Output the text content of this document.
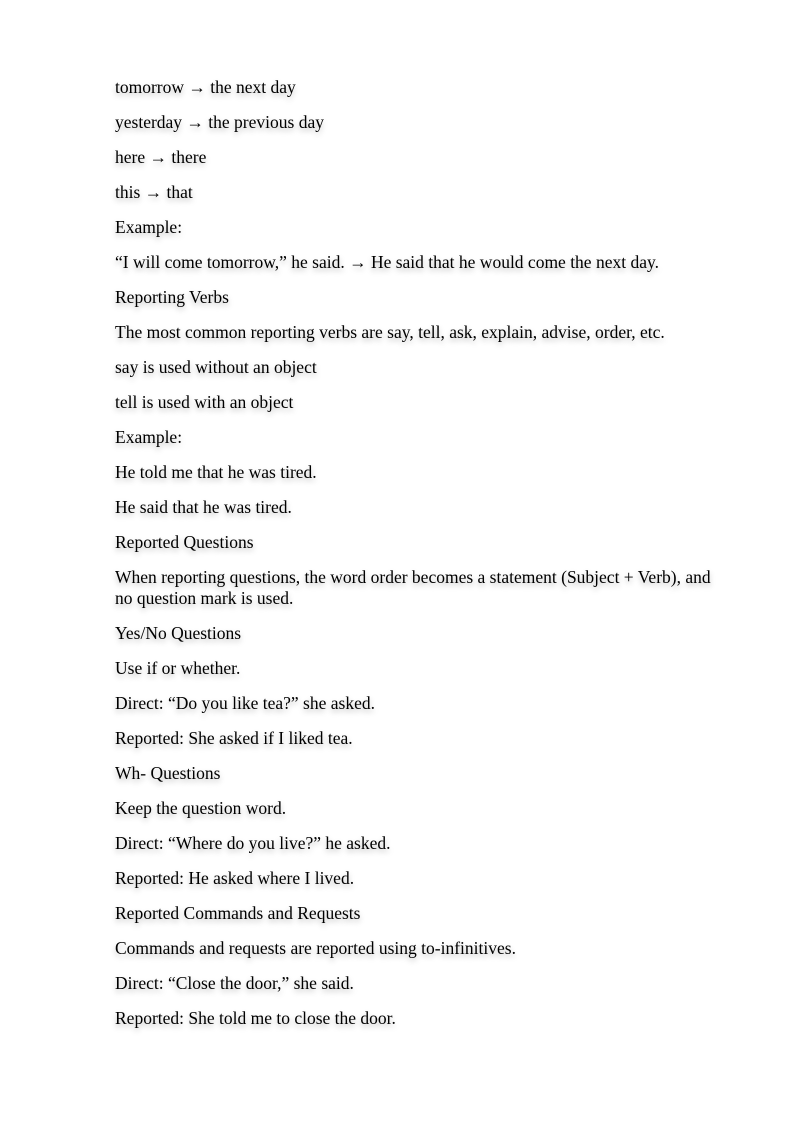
tomorrow → the next day

yesterday → the previous day

here → there

this → that

Example:

“I will come tomorrow,” he said. → He said that he would come the next day.

Reporting Verbs

The most common reporting verbs are say, tell, ask, explain, advise, order, etc.

say is used without an object

tell is used with an object

Example:

He told me that he was tired.

He said that he was tired.

Reported Questions

When reporting questions, the word order becomes a statement (Subject + Verb), and no question mark is used.

Yes/No Questions

Use if or whether.

Direct: “Do you like tea?” she asked.

Reported: She asked if I liked tea.

Wh- Questions

Keep the question word.

Direct: “Where do you live?” he asked.

Reported: He asked where I lived.

Reported Commands and Requests

Commands and requests are reported using to-infinitives.

Direct: “Close the door,” she said.

Reported: She told me to close the door.
